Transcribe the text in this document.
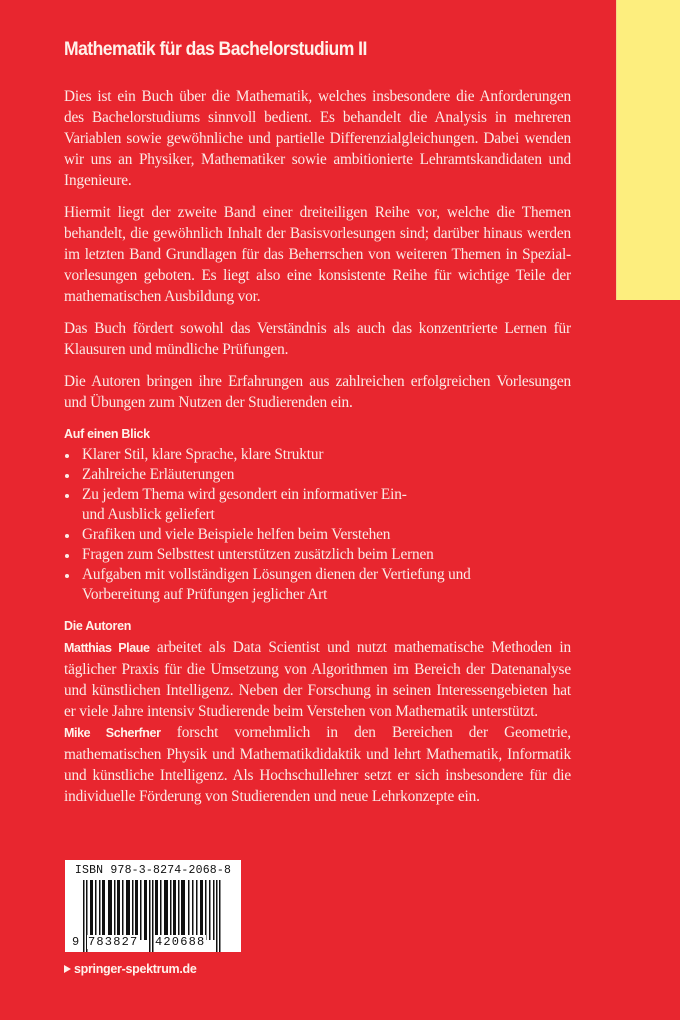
Mathematik für das Bachelorstudium II

Dies ist ein Buch über die Mathematik, welches insbesondere die Anforderungen des Bachelorstudiums sinnvoll bedient. Es behandelt die Analysis in mehreren Variablen sowie gewöhnliche und partielle Differenzialgleichungen. Dabei wenden wir uns an Physiker, Mathematiker sowie ambitionierte Lehramtskandidaten und Ingenieure.

Hiermit liegt der zweite Band einer dreiteiligen Reihe vor, welche die Themen behandelt, die gewöhnlich Inhalt der Basisvorlesungen sind; darüber hinaus werden im letzten Band Grundlagen für das Beherrschen von weiteren Themen in Spezial-vorlesungen geboten. Es liegt also eine konsistente Reihe für wichtige Teile der mathematischen Ausbildung vor.

Das Buch fördert sowohl das Verständnis als auch das konzentrierte Lernen für Klausuren und mündliche Prüfungen.

Die Autoren bringen ihre Erfahrungen aus zahlreichen erfolgreichen Vorlesungen und Übungen zum Nutzen der Studierenden ein.

Auf einen Blick
Klarer Stil, klare Sprache, klare Struktur
Zahlreiche Erläuterungen
Zu jedem Thema wird gesondert ein informativer Ein- und Ausblick geliefert
Grafiken und viele Beispiele helfen beim Verstehen
Fragen zum Selbsttest unterstützen zusätzlich beim Lernen
Aufgaben mit vollständigen Lösungen dienen der Vertiefung und Vorbereitung auf Prüfungen jeglicher Art
Die Autoren

Matthias Plaue arbeitet als Data Scientist und nutzt mathematische Methoden in täglicher Praxis für die Umsetzung von Algorithmen im Bereich der Datenanalyse und künstlichen Intelligenz. Neben der Forschung in seinen Interessengebieten hat er viele Jahre intensiv Studierende beim Verstehen von Mathematik unterstützt.

Mike Scherfner forscht vornehmlich in den Bereichen der Geometrie, mathematischen Physik und Mathematikdidaktik und lehrt Mathematik, Informatik und künstliche Intelligenz. Als Hochschullehrer setzt er sich insbesondere für die individuelle Förderung von Studierenden und neue Lehrkonzepte ein.

ISBN 978-3-8274-2068-8
9 783827 420688
springer-spektrum.de
